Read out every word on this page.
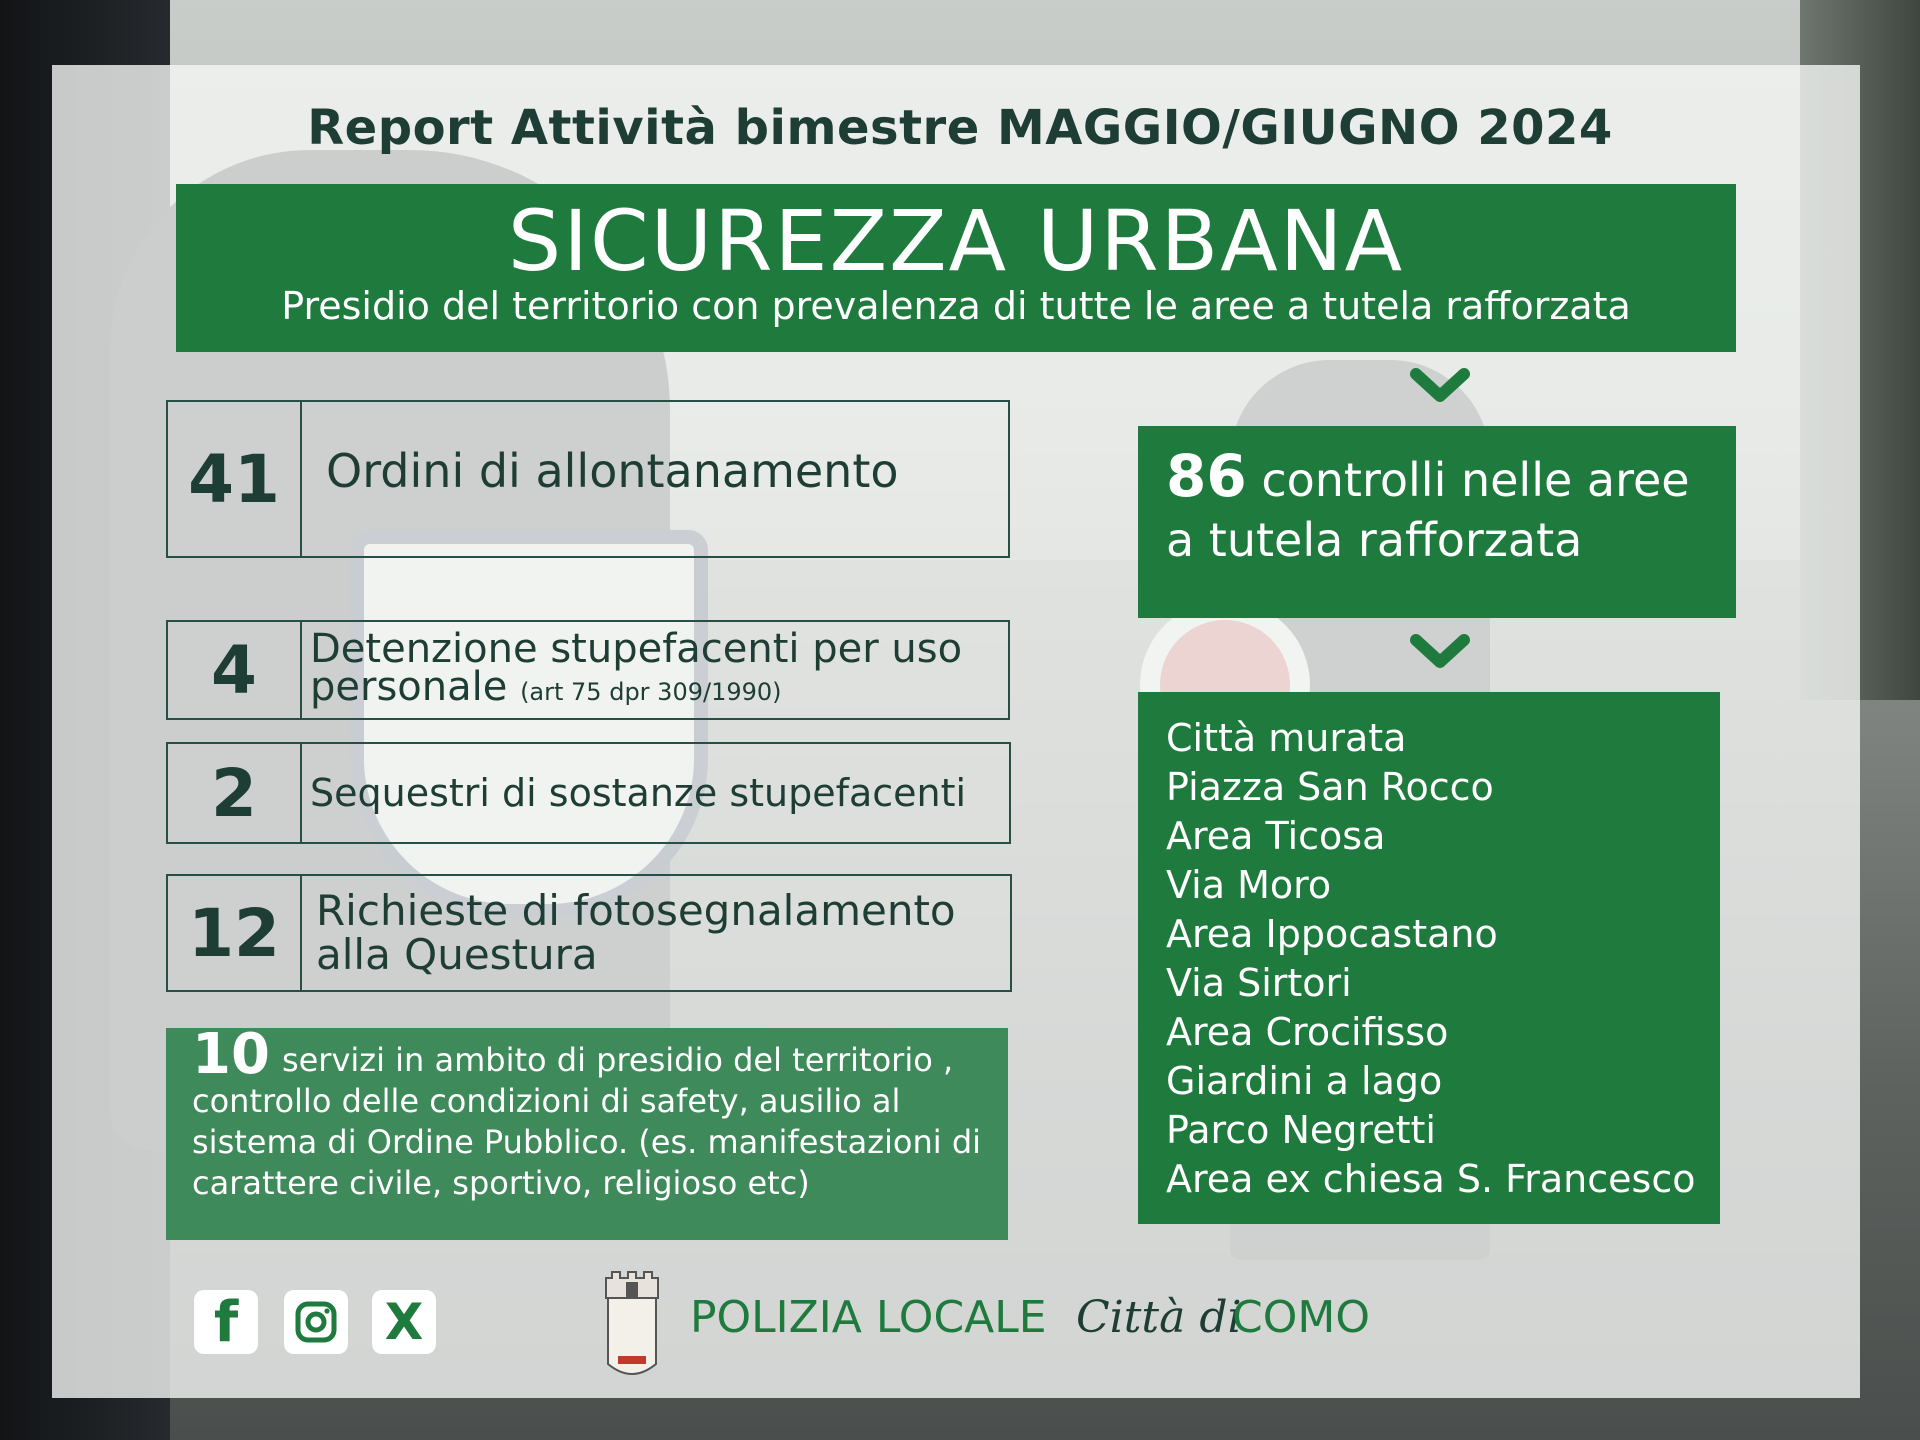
Report Attività bimestre MAGGIO/GIUGNO 2024
SICUREZZA URBANA
Presidio del territorio con prevalenza di tutte le aree a tutela rafforzata
41	Ordini di allontanamento
4	Detenzione stupefacenti per uso personale (art 75 dpr 309/1990)
2	Sequestri di sostanze stupefacenti
12 Richieste di fotosegnalamento alla Questura
10 servizi in ambito di presidio del territorio , controllo delle condizioni di safety, ausilio al sistema di Ordine Pubblico. (es. manifestazioni di carattere civile, sportivo, religioso etc)
86 controlli nelle aree a tutela rafforzata
Città murata
Piazza San Rocco
Area Ticosa
Via Moro
Area Ippocastano
Via Sirtori
Area Crocifisso
Giardini a lago
Parco Negretti
Area ex chiesa S. Francesco
f	X	POLIZIA LOCALE Città di
COMO
